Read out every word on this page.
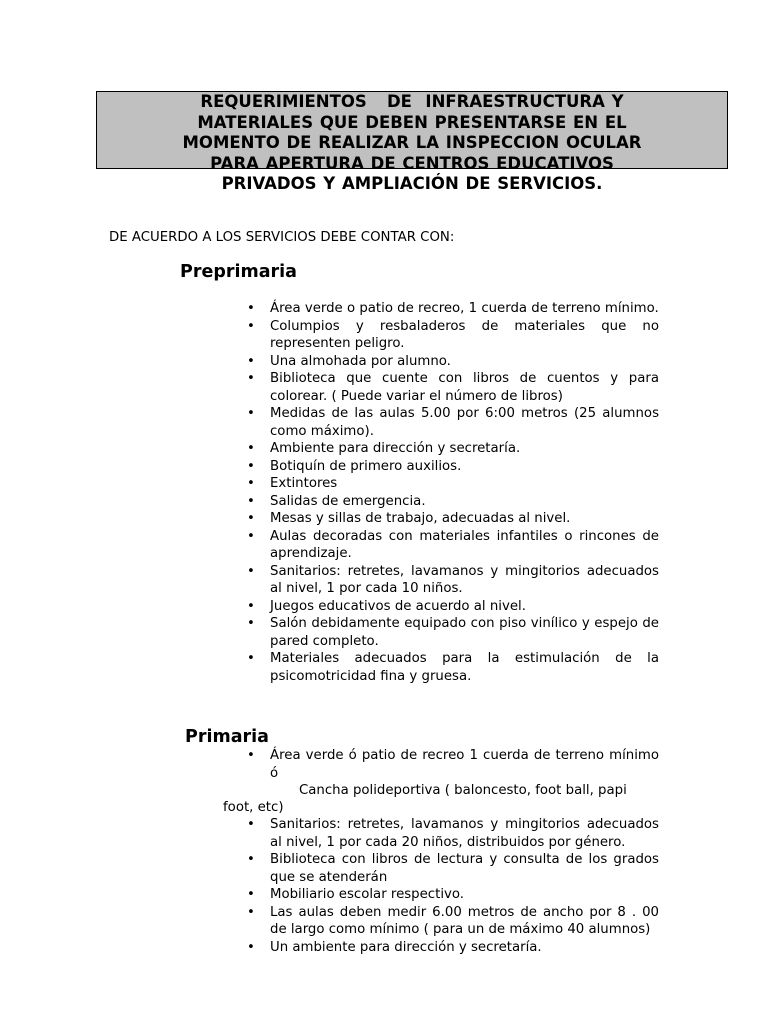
REQUERIMIENTOS   DE  INFRAESTRUCTURA Y
MATERIALES QUE DEBEN PRESENTARSE EN EL
MOMENTO DE REALIZAR LA INSPECCION OCULAR
PARA APERTURA DE CENTROS EDUCATIVOS
PRIVADOS Y AMPLIACIÓN DE SERVICIOS.

DE ACUERDO A LOS SERVICIOS DEBE CONTAR CON:

Preprimaria
• Área verde o patio de recreo, 1 cuerda de terreno mínimo.
• Columpios y resbaladeros de materiales que no representen peligro.
• Una almohada por alumno.
• Biblioteca que cuente con libros de cuentos y para colorear. ( Puede variar el número de libros)
• Medidas de las aulas 5.00 por 6:00 metros (25 alumnos como máximo).
• Ambiente para dirección y secretaría.
• Botiquín de primero auxilios.
• Extintores
• Salidas de emergencia.
• Mesas y sillas de trabajo, adecuadas al nivel.
• Aulas decoradas con materiales infantiles o rincones de aprendizaje.
• Sanitarios: retretes, lavamanos y mingitorios adecuados al nivel, 1 por cada 10 niños.
• Juegos educativos de acuerdo al nivel.
• Salón debidamente equipado con piso vinílico y espejo de pared completo.
• Materiales adecuados para la estimulación de la psicomotricidad fina y gruesa.
Primaria
• Área verde ó patio de recreo 1 cuerda de terreno mínimo ó

Cancha polideportiva ( baloncesto, foot ball, papi

foot, etc)

• Sanitarios: retretes, lavamanos y mingitorios adecuados al nivel, 1 por cada 20 niños, distribuidos por género.
• Biblioteca con libros de lectura y consulta de los grados que se atenderán
• Mobiliario escolar respectivo.
• Las aulas deben medir 6.00 metros de ancho por 8 . 00 de largo como mínimo ( para un de máximo 40 alumnos)
• Un ambiente para dirección y secretaría.
